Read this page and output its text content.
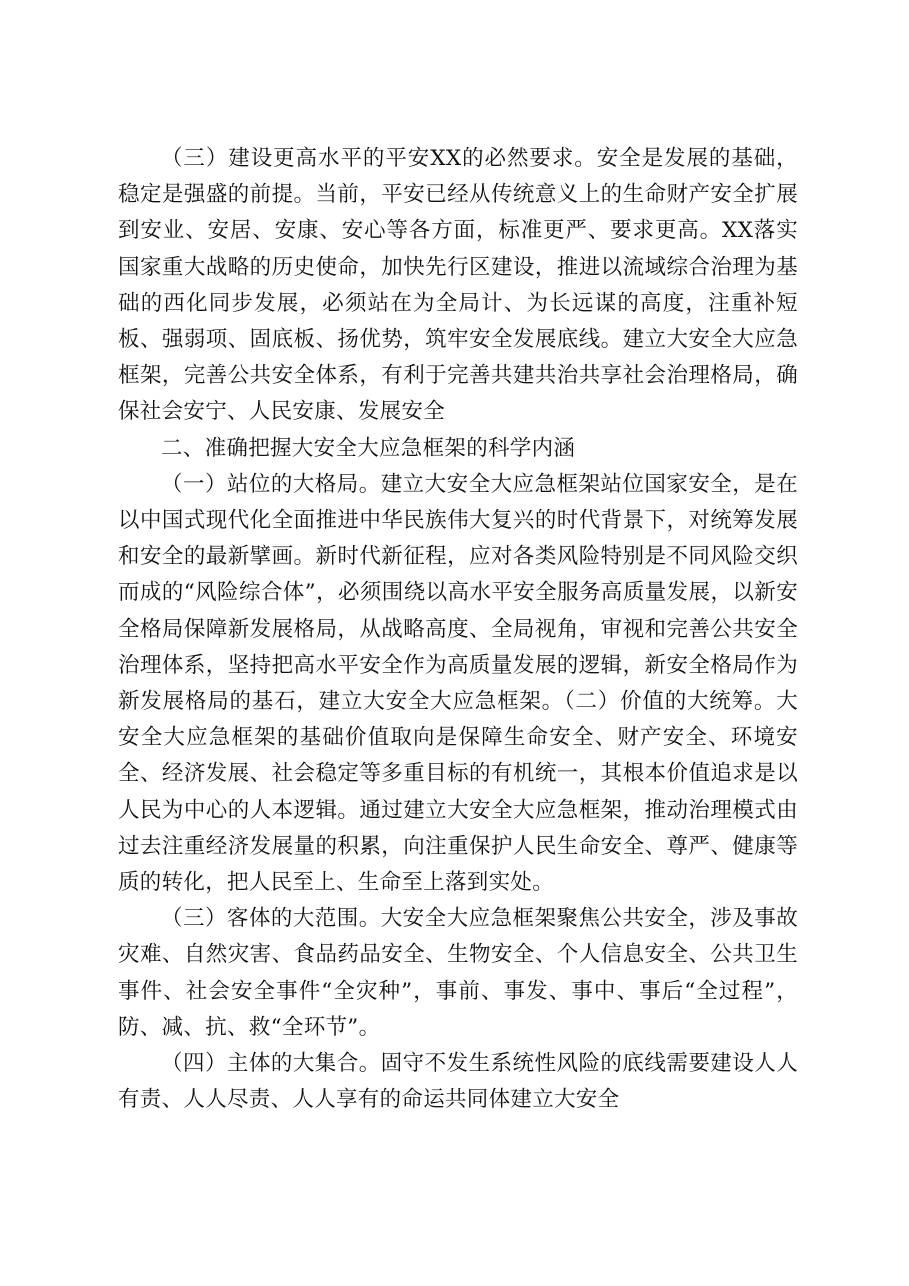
（三）建设更高水平的平安XX的必然要求。安全是发展的基础，稳定是强盛的前提。当前，平安已经从传统意义上的生命财产安全扩展到安业、安居、安康、安心等各方面，标准更严、要求更高。XX落实国家重大战略的历史使命，加快先行区建设，推进以流域综合治理为基础的西化同步发展，必须站在为全局计、为长远谋的高度，注重补短板、强弱项、固底板、扬优势，筑牢安全发展底线。建立大安全大应急框架，完善公共安全体系，有利于完善共建共治共享社会治理格局，确保社会安宁、人民安康、发展安全

二、准确把握大安全大应急框架的科学内涵

（一）站位的大格局。建立大安全大应急框架站位国家安全，是在以中国式现代化全面推进中华民族伟大复兴的时代背景下，对统筹发展和安全的最新擘画。新时代新征程，应对各类风险特别是不同风险交织而成的“风险综合体”，必须围绕以高水平安全服务高质量发展，以新安全格局保障新发展格局，从战略高度、全局视角，审视和完善公共安全治理体系，坚持把高水平安全作为高质量发展的逻辑，新安全格局作为新发展格局的基石，建立大安全大应急框架。（二）价值的大统筹。大安全大应急框架的基础价值取向是保障生命安全、财产安全、环境安全、经济发展、社会稳定等多重目标的有机统一，其根本价值追求是以人民为中心的人本逻辑。通过建立大安全大应急框架，推动治理模式由过去注重经济发展量的积累，向注重保护人民生命安全、尊严、健康等质的转化，把人民至上、生命至上落到实处。

（三）客体的大范围。大安全大应急框架聚焦公共安全，涉及事故灾难、自然灾害、食品药品安全、生物安全、个人信息安全、公共卫生事件、社会安全事件“全灾种”，事前、事发、事中、事后“全过程”，防、减、抗、救“全环节”。

（四）主体的大集合。固守不发生系统性风险的底线需要建设人人有责、人人尽责、人人享有的命运共同体建立大安全
